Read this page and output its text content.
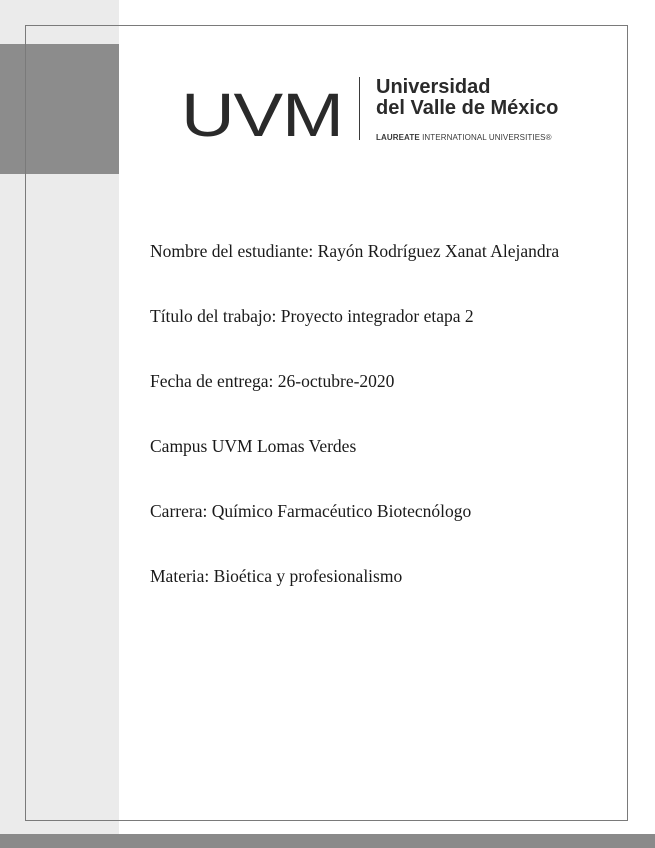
UVM Universidad
del Valle de México
LAUREATE INTERNATIONAL UNIVERSITIES®
Nombre del estudiante: Rayón Rodríguez Xanat Alejandra
Título del trabajo: Proyecto integrador etapa 2
Fecha de entrega: 26-octubre-2020
Campus UVM Lomas Verdes
Carrera: Químico Farmacéutico Biotecnólogo
Materia: Bioética y profesionalismo
